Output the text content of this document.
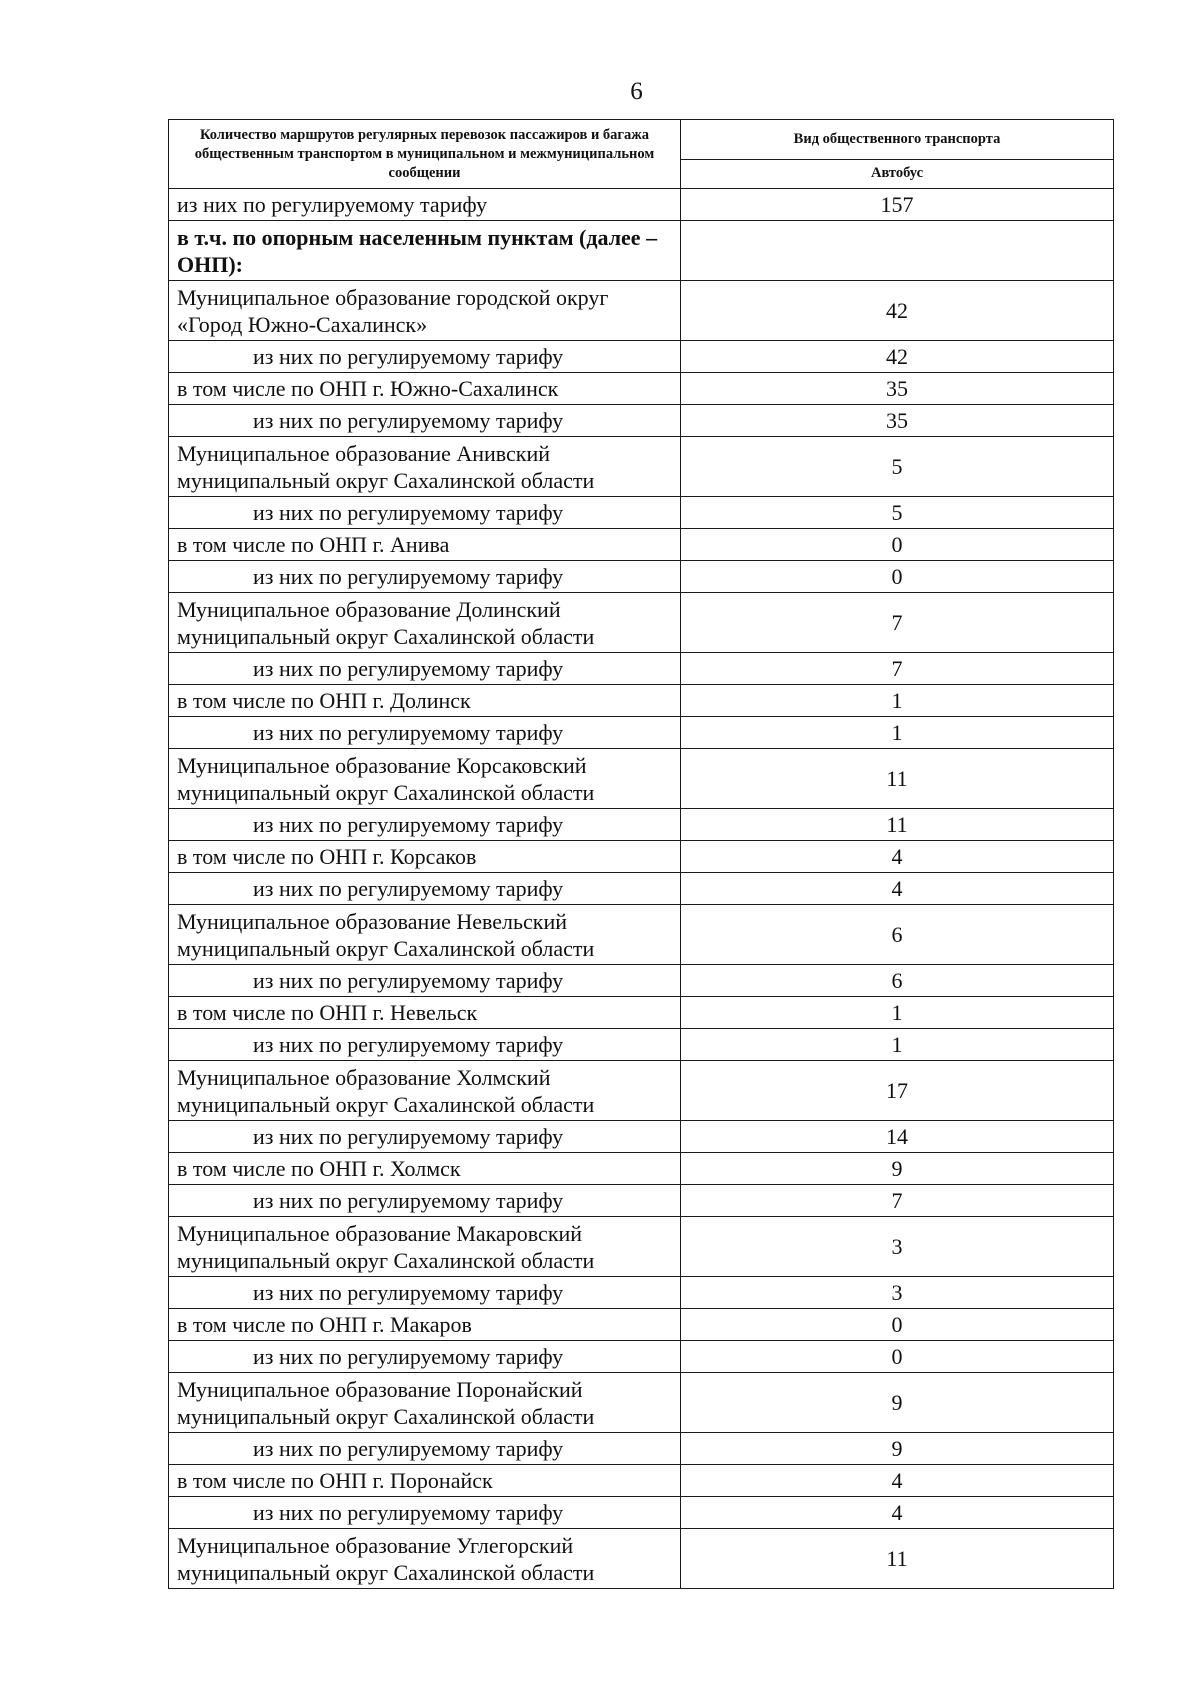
6
Количество маршрутов регулярных перевозок пассажиров и багажа общественным транспортом в муниципальном и межмуниципальном сообщении	Вид общественного транспорта
	Автобус
из них по регулируемому тарифу	157
в т.ч. по опорным населенным пунктам (далее – ОНП):	
Муниципальное образование городской округ «Город Южно-Сахалинск»	42
из них по регулируемому тарифу	42
в том числе по ОНП г. Южно-Сахалинск	35
из них по регулируемому тарифу	35
Муниципальное образование Анивский муниципальный округ Сахалинской области	5
из них по регулируемому тарифу	5
в том числе по ОНП г. Анива	0
из них по регулируемому тарифу	0
Муниципальное образование Долинский муниципальный округ Сахалинской области	7
из них по регулируемому тарифу	7
в том числе по ОНП г. Долинск	1
из них по регулируемому тарифу	1
Муниципальное образование Корсаковский муниципальный округ Сахалинской области	11
из них по регулируемому тарифу	11
в том числе по ОНП г. Корсаков	4
из них по регулируемому тарифу	4
Муниципальное образование Невельский муниципальный округ Сахалинской области	6
из них по регулируемому тарифу	6
в том числе по ОНП г. Невельск	1
из них по регулируемому тарифу	1
Муниципальное образование Холмский муниципальный округ Сахалинской области	17
из них по регулируемому тарифу	14
в том числе по ОНП г. Холмск	9
из них по регулируемому тарифу	7
Муниципальное образование Макаровский муниципальный округ Сахалинской области	3
из них по регулируемому тарифу	3
в том числе по ОНП г. Макаров	0
из них по регулируемому тарифу	0
Муниципальное образование Поронайский муниципальный округ Сахалинской области	9
из них по регулируемому тарифу	9
в том числе по ОНП г. Поронайск	4
из них по регулируемому тарифу	4
Муниципальное образование Углегорский муниципальный округ Сахалинской области	11
